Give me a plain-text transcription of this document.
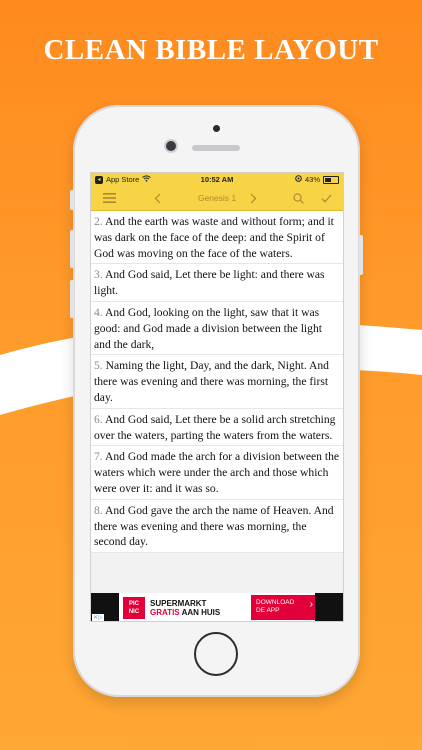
CLEAN BIBLE LAYOUT
◂ App Store	10:52 AM	43%
Genesis 1

2. And the earth was waste and without form; and it was dark on the face of the deep: and the Spirit of God was moving on the face of the waters.

3. And God said, Let there be light: and there was light.

4. And God, looking on the light, saw that it was good: and God made a division between the light and the dark,

5. Naming the light, Day, and the dark, Night. And there was evening and there was morning, the first day.

6. And God said, Let there be a solid arch stretching over the waters, parting the waters from the waters.

7. And God made the arch for a division between the waters which were under the arch and those which were over it: and it was so.

8. And God gave the arch the name of Heaven. And there was evening and there was morning, the second day.

✕▷
PIC
NIC
SUPERMARKT
GRATIS AAN HUIS
DOWNLOAD
DE APP	›
